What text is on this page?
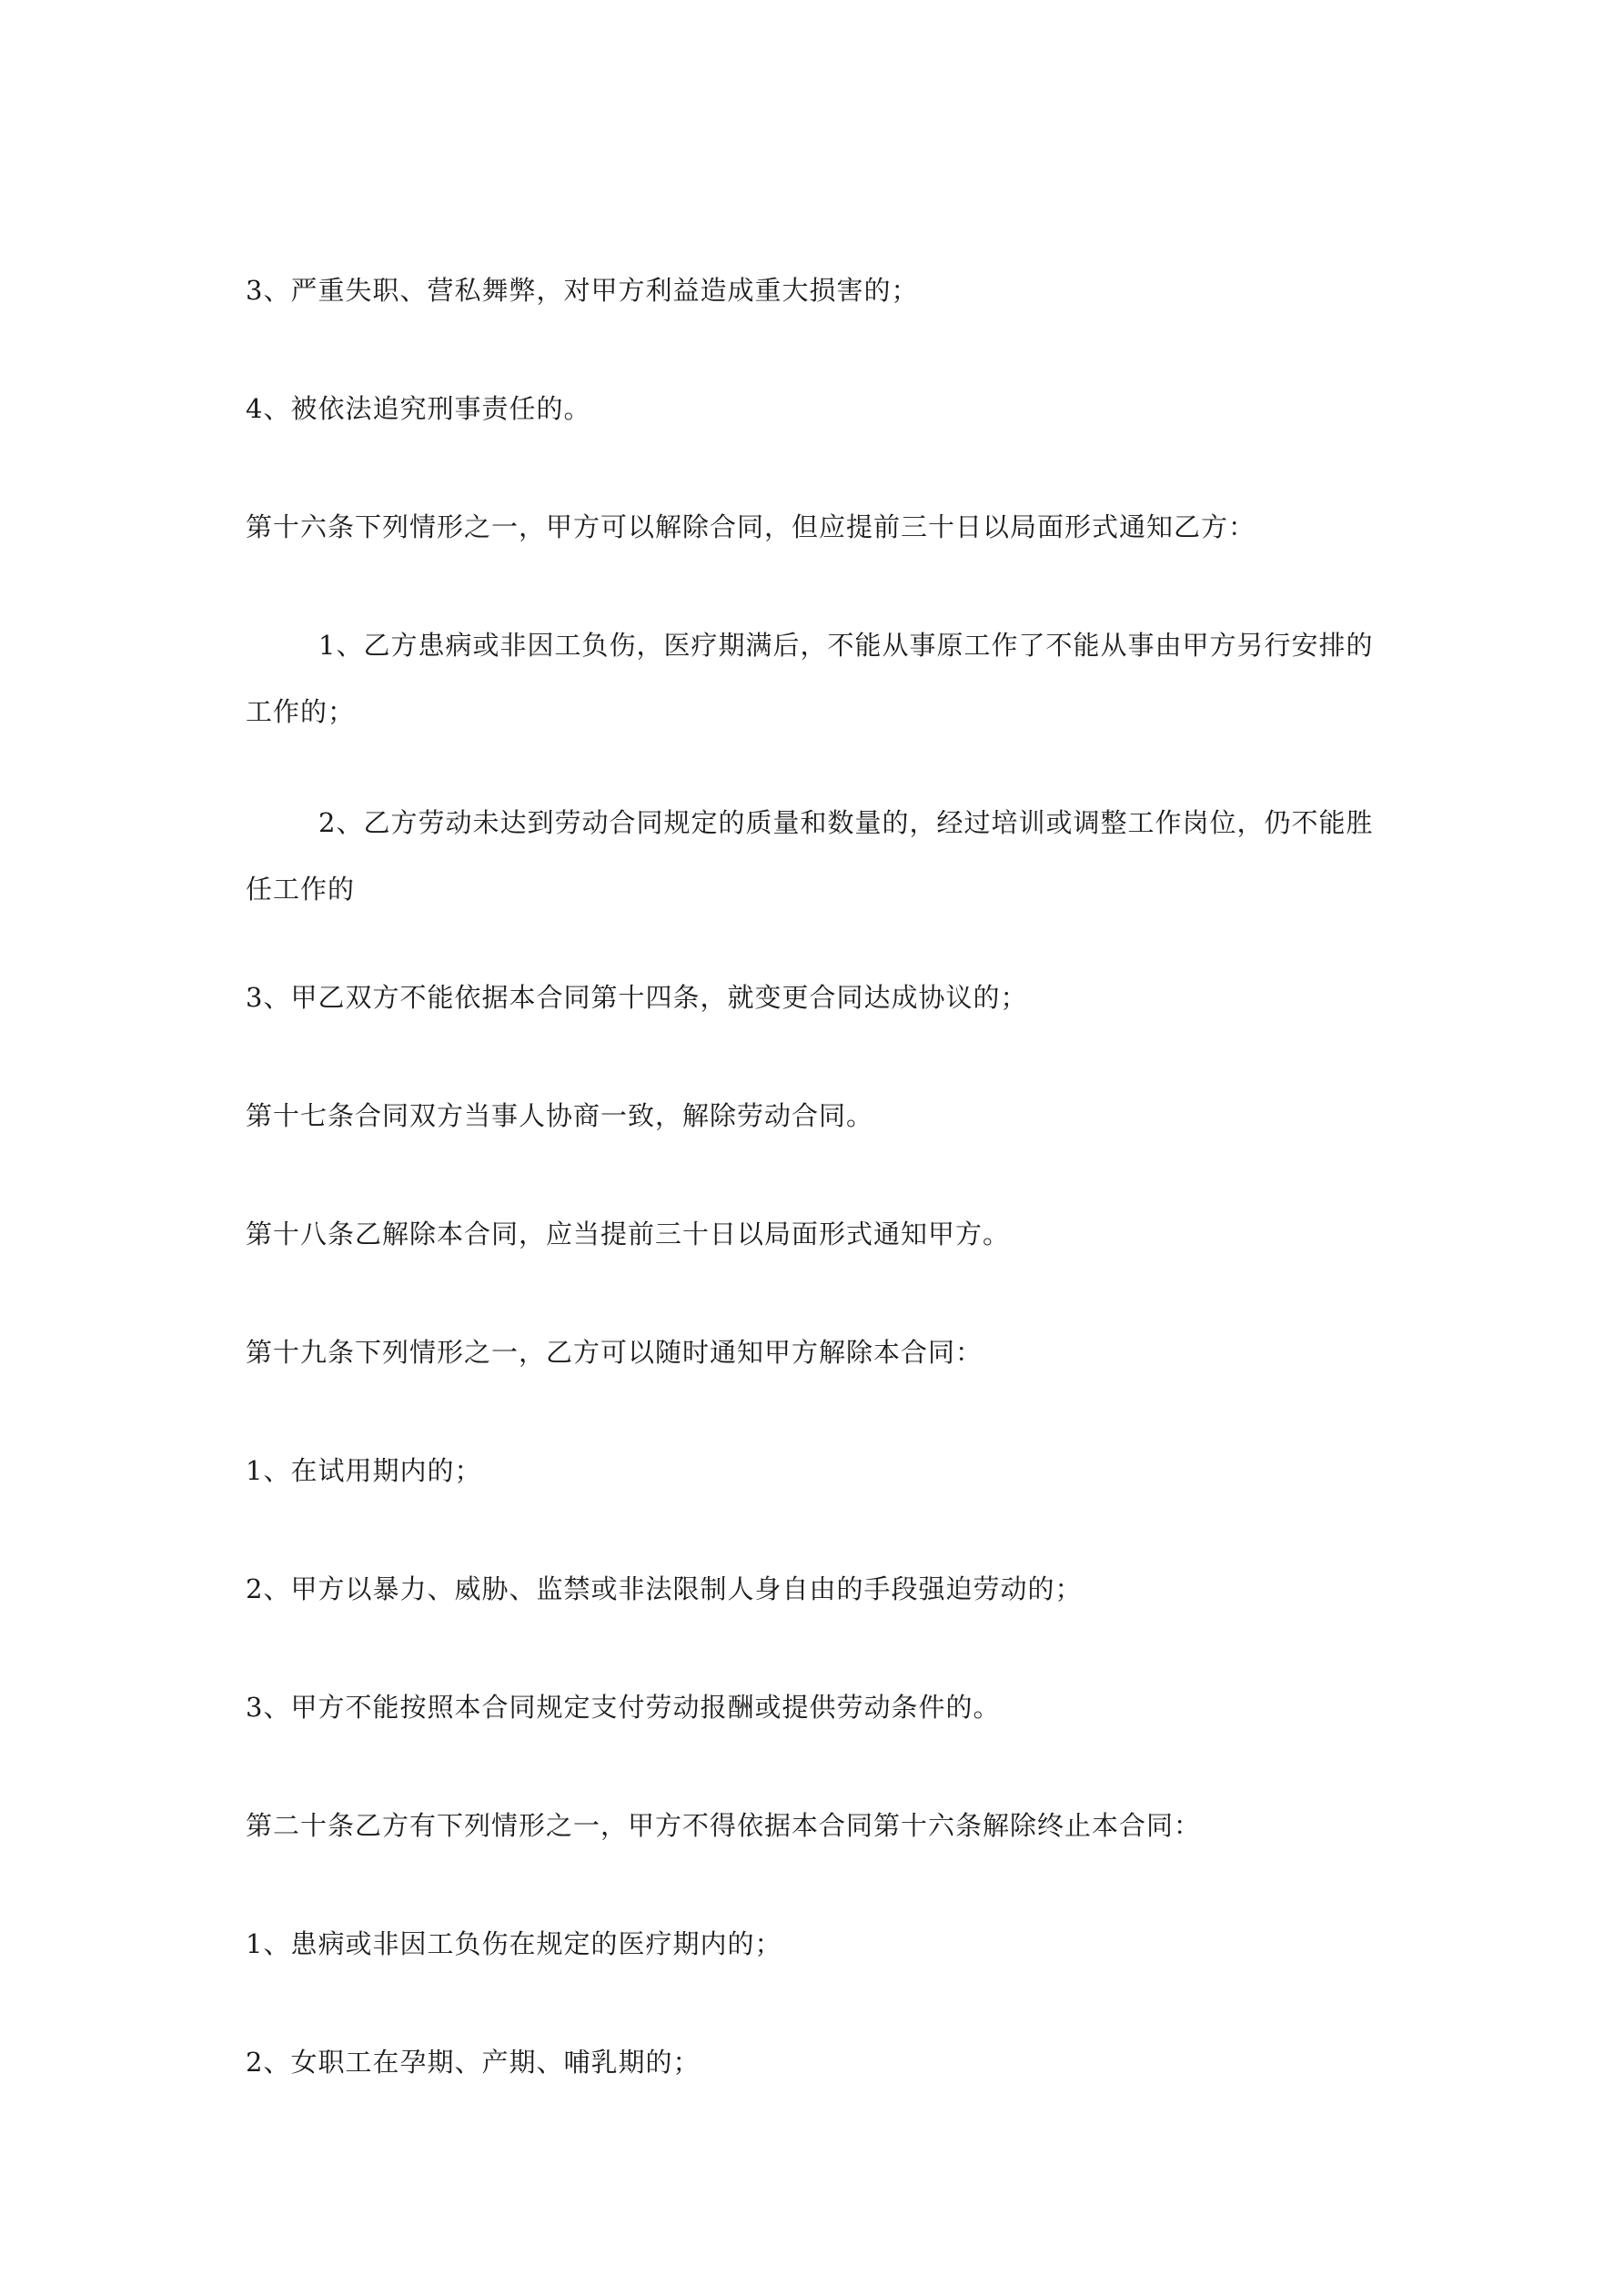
3、严重失职、营私舞弊，对甲方利益造成重大损害的；

4、被依法追究刑事责任的。

第十六条下列情形之一，甲方可以解除合同，但应提前三十日以局面形式通知乙方：

1、乙方患病或非因工负伤，医疗期满后，不能从事原工作了不能从事由甲方另行安排的工作的；

2、乙方劳动未达到劳动合同规定的质量和数量的，经过培训或调整工作岗位，仍不能胜任工作的

3、甲乙双方不能依据本合同第十四条，就变更合同达成协议的；

第十七条合同双方当事人协商一致，解除劳动合同。

第十八条乙解除本合同，应当提前三十日以局面形式通知甲方。

第十九条下列情形之一，乙方可以随时通知甲方解除本合同：

1、在试用期内的；

2、甲方以暴力、威胁、监禁或非法限制人身自由的手段强迫劳动的；

3、甲方不能按照本合同规定支付劳动报酬或提供劳动条件的。

第二十条乙方有下列情形之一，甲方不得依据本合同第十六条解除终止本合同：

1、患病或非因工负伤在规定的医疗期内的；

2、女职工在孕期、产期、哺乳期的；
